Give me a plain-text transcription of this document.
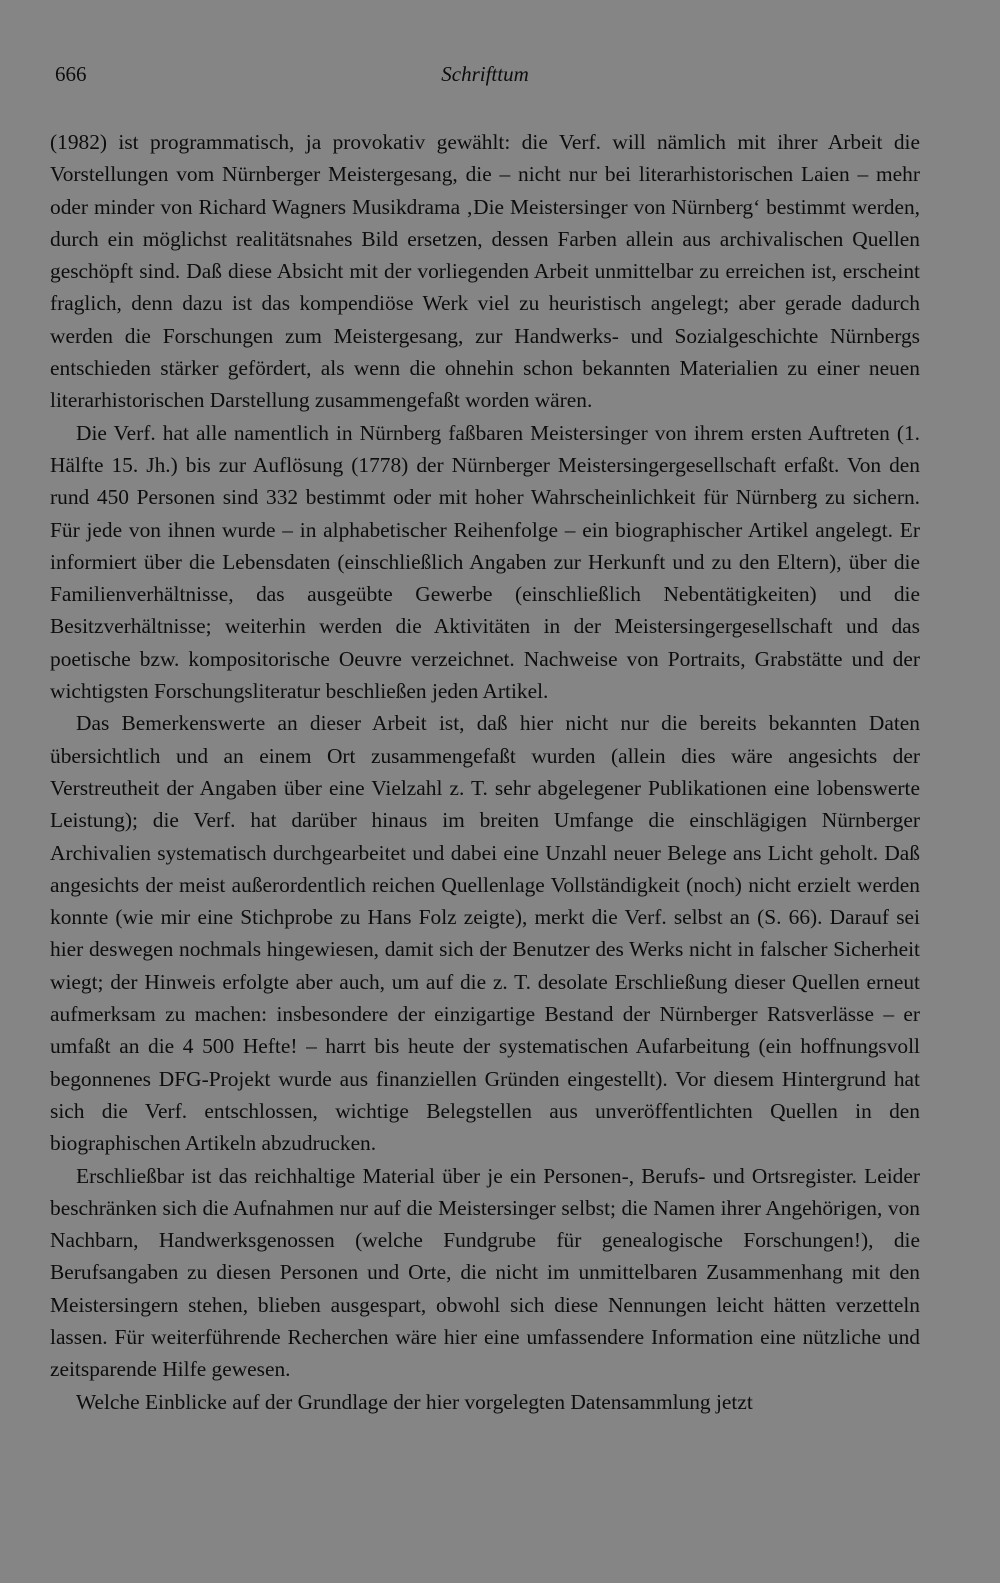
666	Schrifttum

(1982) ist programmatisch, ja provokativ gewählt: die Verf. will nämlich mit ihrer Arbeit die Vorstellungen vom Nürnberger Meistergesang, die – nicht nur bei literarhistorischen Laien – mehr oder minder von Richard Wagners Musikdrama ‚Die Meistersinger von Nürnberg‘ bestimmt werden, durch ein möglichst realitätsnahes Bild ersetzen, dessen Farben allein aus archivalischen Quellen geschöpft sind. Daß diese Absicht mit der vorliegenden Arbeit unmittelbar zu erreichen ist, erscheint fraglich, denn dazu ist das kompendiöse Werk viel zu heuristisch angelegt; aber gerade dadurch werden die Forschungen zum Meistergesang, zur Handwerks- und Sozialgeschichte Nürnbergs entschieden stärker gefördert, als wenn die ohnehin schon bekannten Materialien zu einer neuen literarhistorischen Darstellung zusammengefaßt worden wären.

Die Verf. hat alle namentlich in Nürnberg faßbaren Meistersinger von ihrem ersten Auftreten (1. Hälfte 15. Jh.) bis zur Auflösung (1778) der Nürnberger Meistersingergesellschaft erfaßt. Von den rund 450 Personen sind 332 bestimmt oder mit hoher Wahrscheinlichkeit für Nürnberg zu sichern. Für jede von ihnen wurde – in alphabetischer Reihenfolge – ein biographischer Artikel angelegt. Er informiert über die Lebensdaten (einschließlich Angaben zur Herkunft und zu den Eltern), über die Familienverhältnisse, das ausgeübte Gewerbe (einschließlich Nebentätigkeiten) und die Besitzverhältnisse; weiterhin werden die Aktivitäten in der Meistersingergesellschaft und das poetische bzw. kompositorische Oeuvre verzeichnet. Nachweise von Portraits, Grabstätte und der wichtigsten Forschungsliteratur beschließen jeden Artikel.

Das Bemerkenswerte an dieser Arbeit ist, daß hier nicht nur die bereits bekannten Daten übersichtlich und an einem Ort zusammengefaßt wurden (allein dies wäre angesichts der Verstreutheit der Angaben über eine Vielzahl z. T. sehr abgelegener Publikationen eine lobenswerte Leistung); die Verf. hat darüber hinaus im breiten Umfange die einschlägigen Nürnberger Archivalien systematisch durchgearbeitet und dabei eine Unzahl neuer Belege ans Licht geholt. Daß angesichts der meist außerordentlich reichen Quellenlage Vollständigkeit (noch) nicht erzielt werden konnte (wie mir eine Stichprobe zu Hans Folz zeigte), merkt die Verf. selbst an (S. 66). Darauf sei hier deswegen nochmals hingewiesen, damit sich der Benutzer des Werks nicht in falscher Sicherheit wiegt; der Hinweis erfolgte aber auch, um auf die z. T. desolate Erschließung dieser Quellen erneut aufmerksam zu machen: insbesondere der einzigartige Bestand der Nürnberger Ratsverlässe – er umfaßt an die 4 500 Hefte! – harrt bis heute der systematischen Aufarbeitung (ein hoffnungsvoll begonnenes DFG-Projekt wurde aus finanziellen Gründen eingestellt). Vor diesem Hintergrund hat sich die Verf. entschlossen, wichtige Belegstellen aus unveröffentlichten Quellen in den biographischen Artikeln abzudrucken.

Erschließbar ist das reichhaltige Material über je ein Personen-, Berufs- und Ortsregister. Leider beschränken sich die Aufnahmen nur auf die Meistersinger selbst; die Namen ihrer Angehörigen, von Nachbarn, Handwerksgenossen (welche Fundgrube für genealogische Forschungen!), die Berufsangaben zu diesen Personen und Orte, die nicht im unmittelbaren Zusammenhang mit den Meistersingern stehen, blieben ausgespart, obwohl sich diese Nennungen leicht hätten verzetteln lassen. Für weiterführende Recherchen wäre hier eine umfassendere Information eine nützliche und zeitsparende Hilfe gewesen.

Welche Einblicke auf der Grundlage der hier vorgelegten Datensammlung jetzt
